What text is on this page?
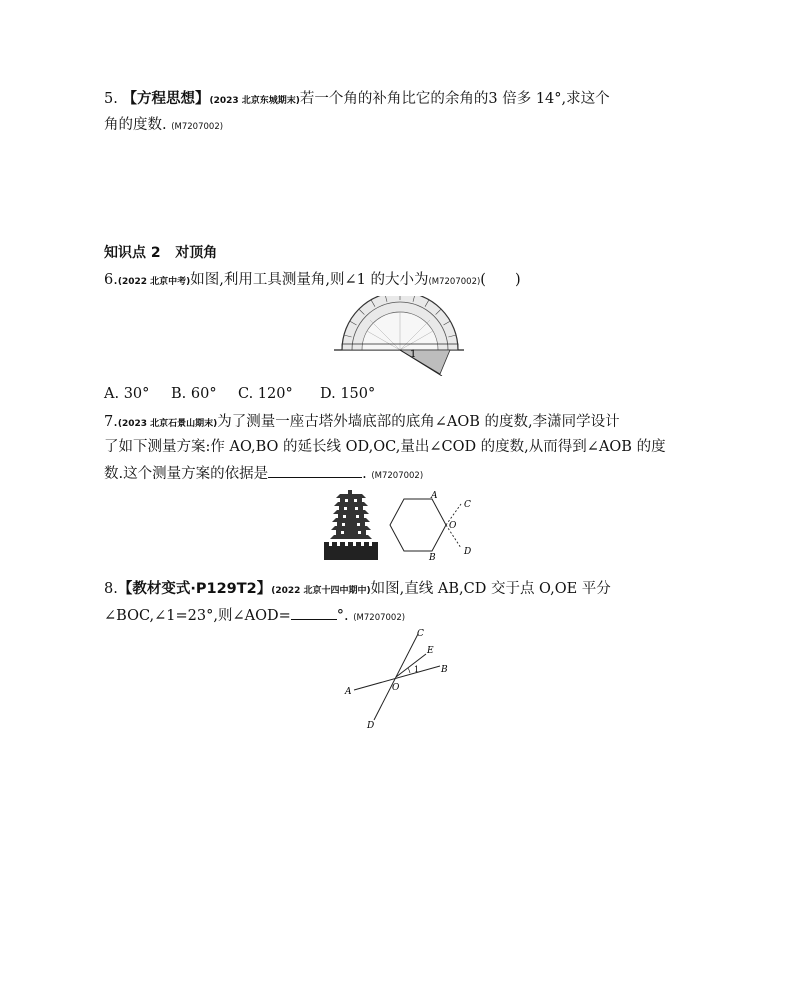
5. 【方程思想】(2023 北京东城期末)若一个角的补角比它的余角的3 倍多 14°,求这个
角的度数. (M7207002)
知识点 2 对顶角
6.(2022 北京中考)如图,利用工具测量角,则∠1 的大小为(M7207002)(　　)
1
A. 30° B. 60° C. 120° D. 150°
7.(2023 北京石景山期末)为了测量一座古塔外墙底部的底角∠AOB 的度数,李潇同学设计
了如下测量方案:作 AO,BO 的延长线 OD,OC,量出∠COD 的度数,从而得到∠AOB 的度
数.这个测量方案的依据是	. (M7207002)
A
B
C
D
O
8.【教材变式·P129T2】(2022 北京十四中期中)如图,直线 AB,CD 交于点 O,OE 平分
∠BOC,∠1=23°,则∠AOD=	°. (M7207002)
A
B
C
D
E
O
1
